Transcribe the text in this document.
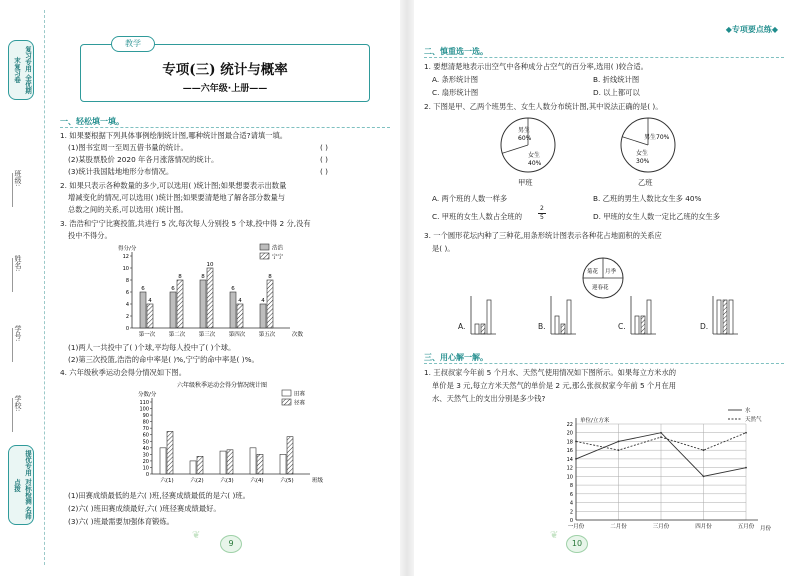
复习专用 全优期末复习卷
班级:
姓名:
学号:
学校:
提优专用 对标检测 名师点拨
教学
专项(三) 统计与概率
——六年级·上册——
一、轻松填一填。
1. 如果要根据下列具体事例绘制统计图,哪种统计图最合适?请填一填。
(1)图书室周一至周五借书量的统计。	( )
(2)某股票股价 2020 年各月涨落情况的统计。	( )
(3)统计我国陆地地形分布情况。	( )
2. 如果只表示各种数量的多少,可以选用( )统计图;如果想要表示出数量
增减变化的情况,可以选用( )统计图;如果要清楚地了解各部分数量与
总数之间的关系,可以选用( )统计图。
3. 浩浩和宁宁比赛投篮,共进行 5 次,每次每人分别投 5 个球,投中得 2 分,没有
投中不得分。
0
2
4
6
8
10
12
得分/分
次数
第一次
6
4
第二次
6
8
第三次
8
10
第四次
6
4
第五次
4
8
浩浩
宁宁
(1)两人一共投中了( )个球,平均每人投中了( )个球。
(2)第三次投篮,浩浩的命中率是( )%,宁宁的命中率是( )%。
4. 六年级秋季运动会得分情况如下图。
0
10
20
30
40
50
60
70
80
90
100
110
分数/分
班级
六(1)	六(2)	六(3)	六(4)	六(5)
田赛
径赛
六年级秋季运动会得分情况统计图
(1)田赛成绩最低的是六( )班,径赛成绩最低的是六( )班。
(2)六( )班田赛成绩最好,六( )班径赛成绩最好。
(3)六( )班最需要加强体育锻炼。
❦
9
◆专项要点练◆
二、慎重选一选。
1. 要想清楚地表示出空气中各种成分占空气的百分率,选用( )较合适。
A. 条形统计图	B. 折线统计图
C. 扇形统计图	D. 以上都可以
2. 下图是甲、乙两个班男生、女生人数分布统计图,其中说法正确的是( )。
男生
60%
女生
40%
甲班
男生70%
女生
30%
乙班
A. 两个班的人数一样多	B. 乙班的男生人数比女生多 40%
C. 甲班的女生人数占全班的
2
5	D. 甲班的女生人数一定比乙班的女生多
3. 一个圆形花坛内种了三种花,用条形统计图表示各种花占地面积的关系应
是( )。
菊花 月季
迎春花
A.	B.	C.	D.
三、用心解一解。
1. 王叔叔家今年前 5 个月水、天然气使用情况如下图所示。如果每立方米水的
单价是 3 元,每立方米天然气的单价是 2 元,那么张叔叔家今年前 5 个月在用
水、天然气上的支出分别是多少钱?
0
2
4
6
8
10
12
14
16
18
20
22
一月份	二月份	三月份	四月份	五月份
单位/立方米
月份
水
天然气
❦
10
